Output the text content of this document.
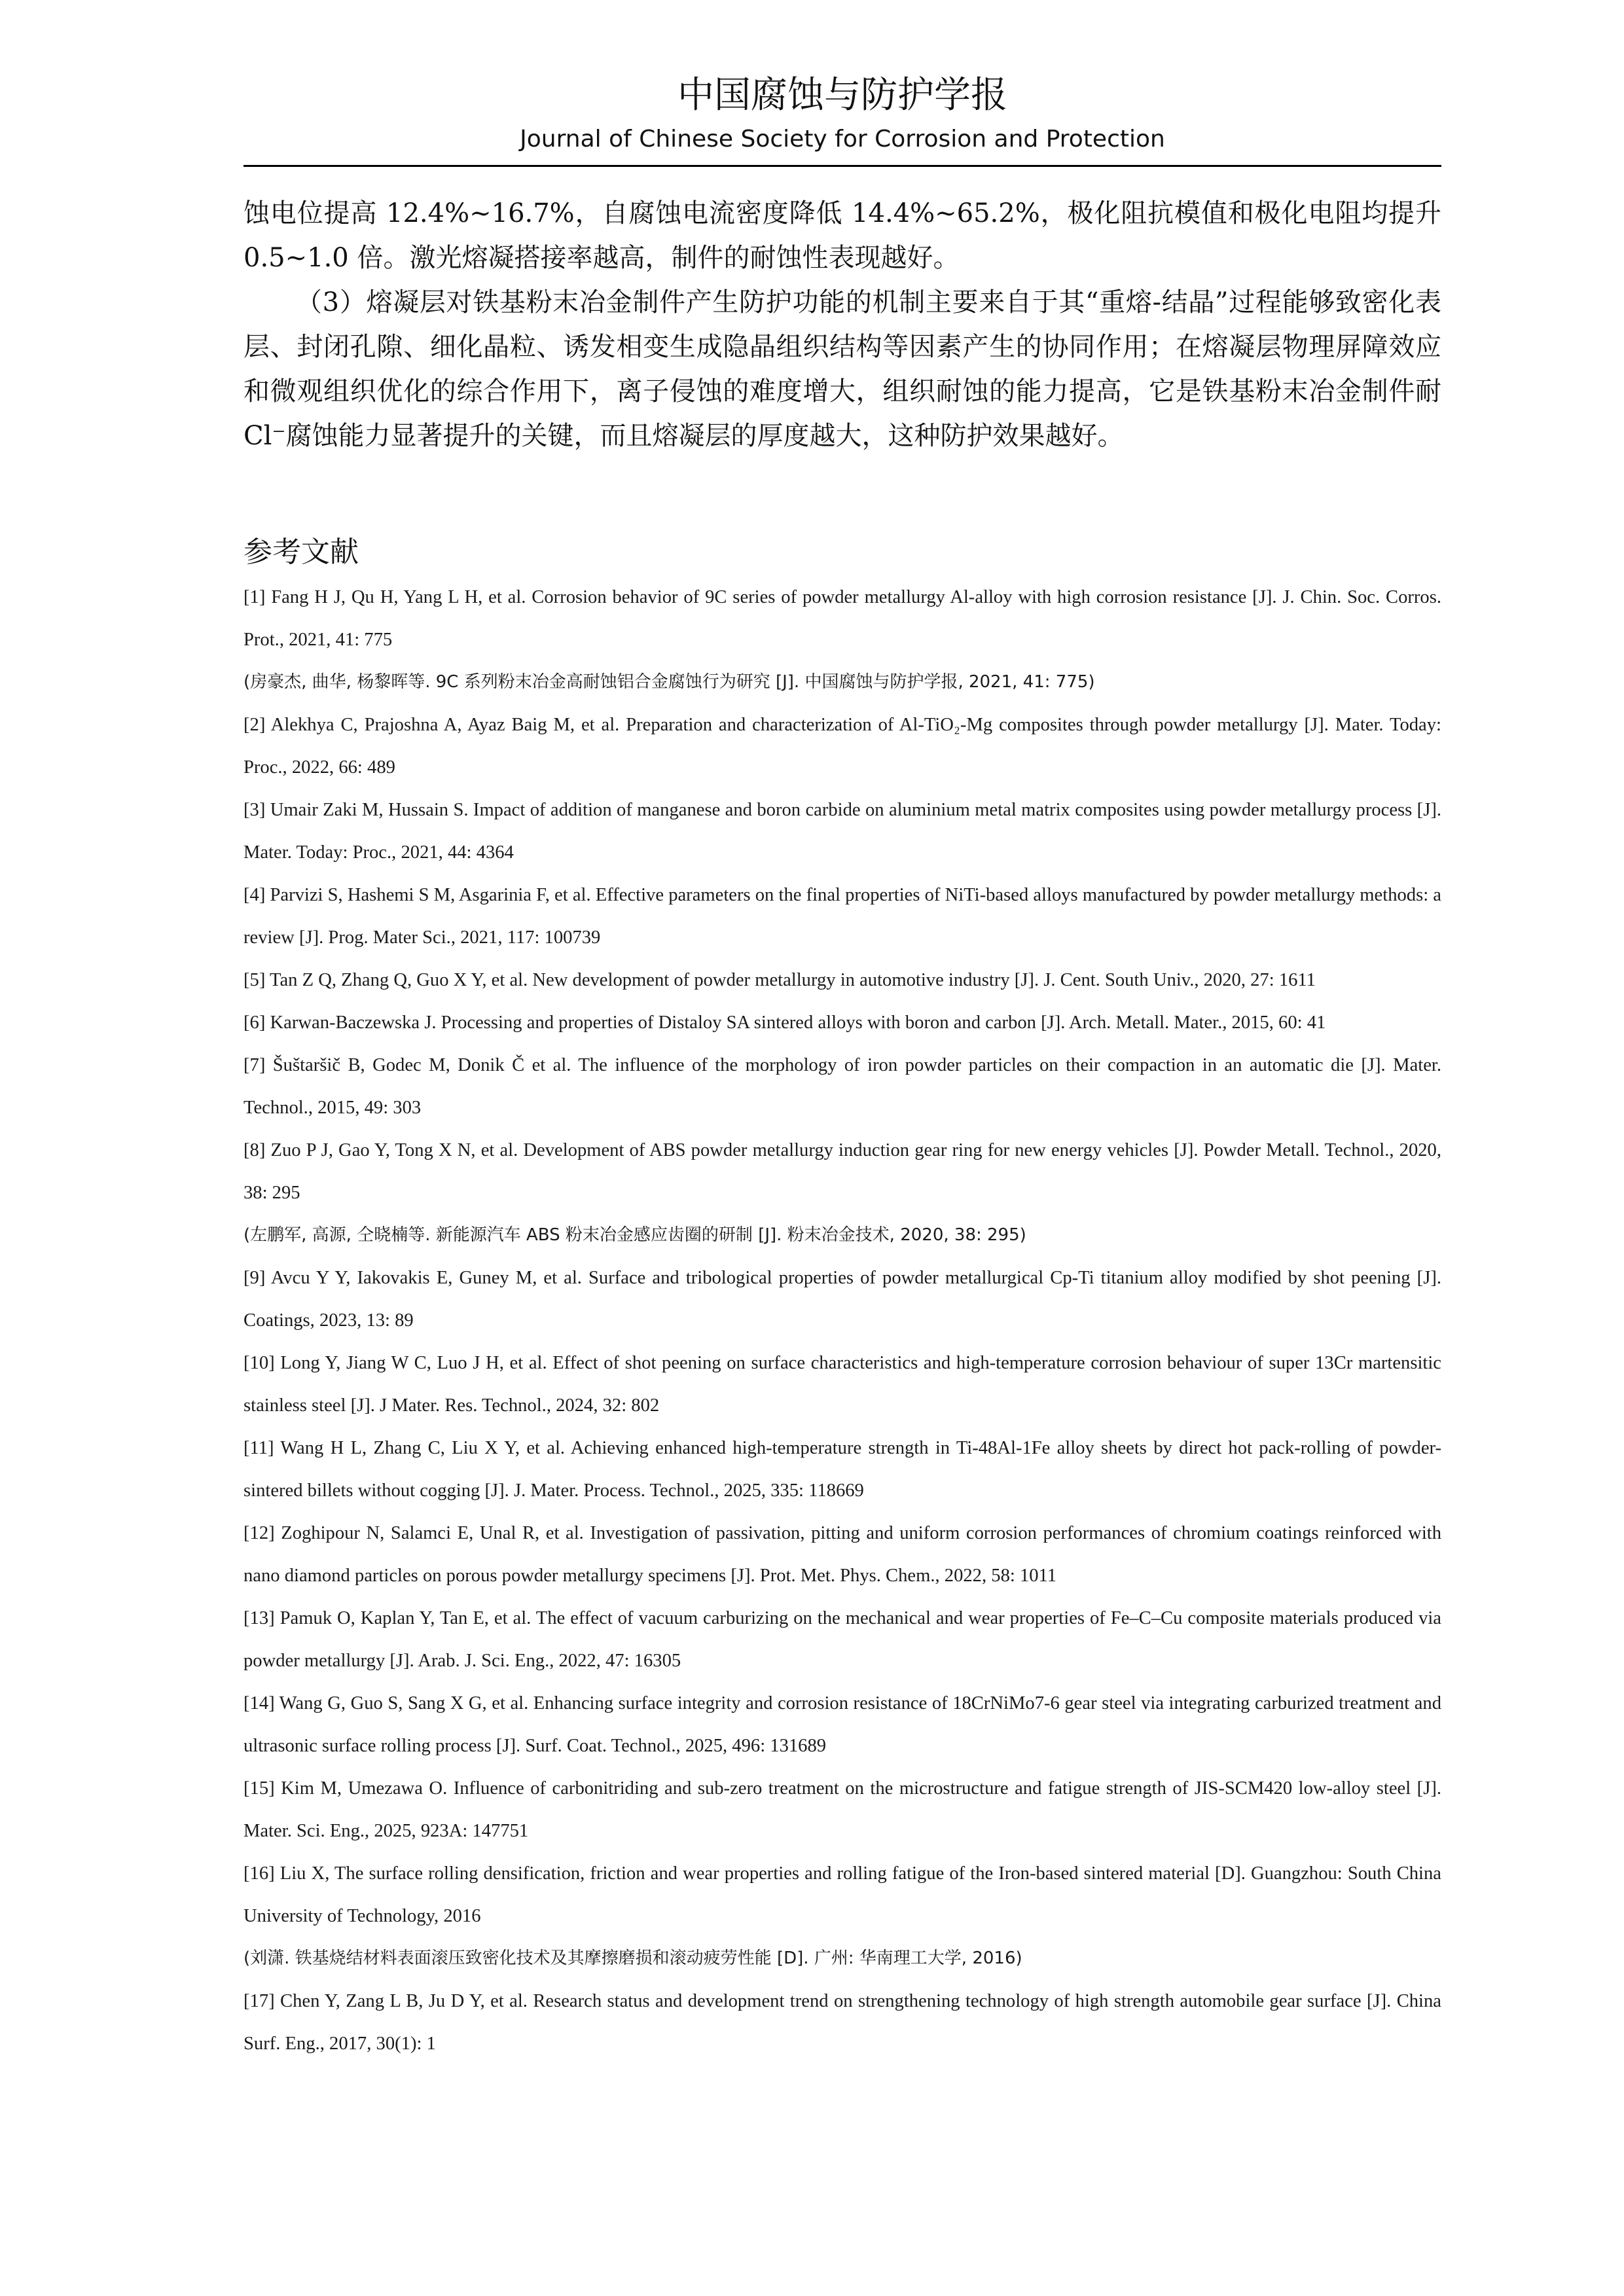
中国腐蚀与防护学报
Journal of Chinese Society for Corrosion and Protection

蚀电位提高 12.4%~16.7%，自腐蚀电流密度降低 14.4%~65.2%，极化阻抗模值和极化电阻均提升 0.5~1.0 倍。激光熔凝搭接率越高，制件的耐蚀性表现越好。

（3）熔凝层对铁基粉末冶金制件产生防护功能的机制主要来自于其“重熔-结晶”过程能够致密化表层、封闭孔隙、细化晶粒、诱发相变生成隐晶组织结构等因素产生的协同作用；在熔凝层物理屏障效应和微观组织优化的综合作用下，离子侵蚀的难度增大，组织耐蚀的能力提高，它是铁基粉末冶金制件耐 Cl⁻腐蚀能力显著提升的关键，而且熔凝层的厚度越大，这种防护效果越好。

参考文献

[1] Fang H J, Qu H, Yang L H, et al. Corrosion behavior of 9C series of powder metallurgy Al-alloy with high corrosion resistance [J]. J. Chin. Soc. Corros. Prot., 2021, 41: 775

(房豪杰, 曲华, 杨黎晖等. 9C 系列粉末冶金高耐蚀铝合金腐蚀行为研究 [J]. 中国腐蚀与防护学报, 2021, 41: 775)

[2] Alekhya C, Prajoshna A, Ayaz Baig M, et al. Preparation and characterization of Al-TiO₂-Mg composites through powder metallurgy [J]. Mater. Today: Proc., 2022, 66: 489

[3] Umair Zaki M, Hussain S. Impact of addition of manganese and boron carbide on aluminium metal matrix composites using powder metallurgy process [J]. Mater. Today: Proc., 2021, 44: 4364

[4] Parvizi S, Hashemi S M, Asgarinia F, et al. Effective parameters on the final properties of NiTi-based alloys manufactured by powder metallurgy methods: a review [J]. Prog. Mater Sci., 2021, 117: 100739

[5] Tan Z Q, Zhang Q, Guo X Y, et al. New development of powder metallurgy in automotive industry [J]. J. Cent. South Univ., 2020, 27: 1611

[6] Karwan-Baczewska J. Processing and properties of Distaloy SA sintered alloys with boron and carbon [J]. Arch. Metall. Mater., 2015, 60: 41

[7] Šuštaršič B, Godec M, Donik Č et al. The influence of the morphology of iron powder particles on their compaction in an automatic die [J]. Mater. Technol., 2015, 49: 303

[8] Zuo P J, Gao Y, Tong X N, et al. Development of ABS powder metallurgy induction gear ring for new energy vehicles [J]. Powder Metall. Technol., 2020, 38: 295

(左鹏军, 高源, 仝晓楠等. 新能源汽车 ABS 粉末冶金感应齿圈的研制 [J]. 粉末冶金技术, 2020, 38: 295)

[9] Avcu Y Y, Iakovakis E, Guney M, et al. Surface and tribological properties of powder metallurgical Cp-Ti titanium alloy modified by shot peening [J]. Coatings, 2023, 13: 89

[10] Long Y, Jiang W C, Luo J H, et al. Effect of shot peening on surface characteristics and high-temperature corrosion behaviour of super 13Cr martensitic stainless steel [J]. J Mater. Res. Technol., 2024, 32: 802

[11] Wang H L, Zhang C, Liu X Y, et al. Achieving enhanced high-temperature strength in Ti-48Al-1Fe alloy sheets by direct hot pack-rolling of powder-sintered billets without cogging [J]. J. Mater. Process. Technol., 2025, 335: 118669

[12] Zoghipour N, Salamci E, Unal R, et al. Investigation of passivation, pitting and uniform corrosion performances of chromium coatings reinforced with nano diamond particles on porous powder metallurgy specimens [J]. Prot. Met. Phys. Chem., 2022, 58: 1011

[13] Pamuk O, Kaplan Y, Tan E, et al. The effect of vacuum carburizing on the mechanical and wear properties of Fe–C–Cu composite materials produced via powder metallurgy [J]. Arab. J. Sci. Eng., 2022, 47: 16305

[14] Wang G, Guo S, Sang X G, et al. Enhancing surface integrity and corrosion resistance of 18CrNiMo7-6 gear steel via integrating carburized treatment and ultrasonic surface rolling process [J]. Surf. Coat. Technol., 2025, 496: 131689

[15] Kim M, Umezawa O. Influence of carbonitriding and sub-zero treatment on the microstructure and fatigue strength of JIS-SCM420 low-alloy steel [J]. Mater. Sci. Eng., 2025, 923A: 147751

[16] Liu X, The surface rolling densification, friction and wear properties and rolling fatigue of the Iron-based sintered material [D]. Guangzhou: South China University of Technology, 2016

(刘潇. 铁基烧结材料表面滚压致密化技术及其摩擦磨损和滚动疲劳性能 [D]. 广州: 华南理工大学, 2016)

[17] Chen Y, Zang L B, Ju D Y, et al. Research status and development trend on strengthening technology of high strength automobile gear surface [J]. China Surf. Eng., 2017, 30(1): 1
